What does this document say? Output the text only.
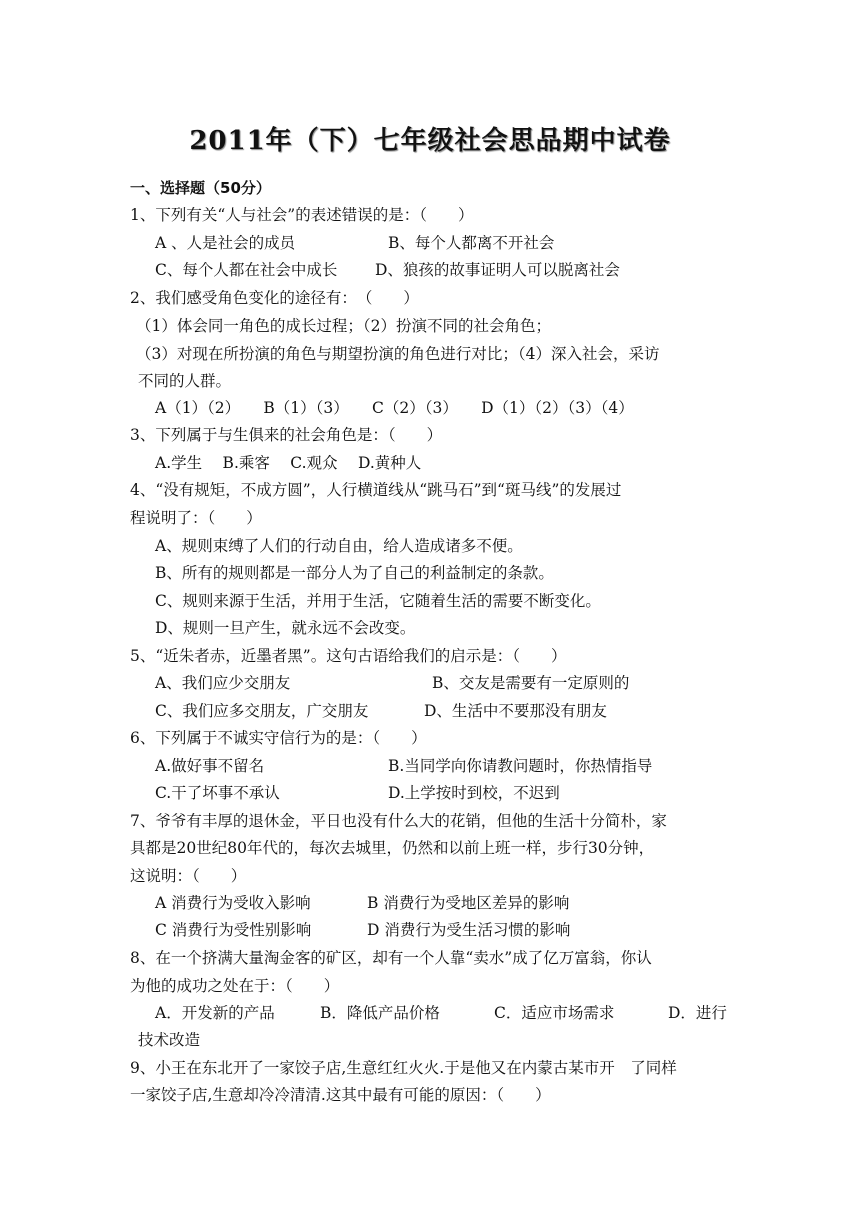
2011年（下）七年级社会思品期中试卷
一、选择题（50分）
1、下列有关“人与社会”的表述错误的是：（　　）
A 、人是社会的成员	B、每个人都离不开社会
C、每个人都在社会中成长 D、狼孩的故事证明人可以脱离社会
2、我们感受角色变化的途径有：　（　　）
（1）体会同一角色的成长过程；（2）扮演不同的社会角色；
（3）对现在所扮演的角色与期望扮演的角色进行对比；（4）深入社会，采访
不同的人群。
A（1）（2）　　B（1）（3）　　C（2）（3）　　D（1）（2）（3）（4）
3、下列属于与生俱来的社会角色是：（　　）
A.学生　 B.乘客　 C.观众　 D.黄种人
4、“没有规矩，不成方圆”，人行横道线从“跳马石”到“斑马线”的发展过
程说明了：（　　）
A、规则束缚了人们的行动自由，给人造成诸多不便。
B、所有的规则都是一部分人为了自己的利益制定的条款。
C、规则来源于生活，并用于生活，它随着生活的需要不断变化。
D、规则一旦产生，就永远不会改变。
5、“近朱者赤，近墨者黑”。这句古语给我们的启示是：（　　）
A、我们应少交朋友	B、交友是需要有一定原则的
C、我们应多交朋友，广交朋友	D、生活中不要那没有朋友
6、下列属于不诚实守信行为的是：（　　）
A.做好事不留名	B.当同学向你请教问题时，你热情指导
C.干了坏事不承认	D.上学按时到校，不迟到
7、爷爷有丰厚的退休金，平日也没有什么大的花销，但他的生活十分简朴，家
具都是20世纪80年代的，每次去城里，仍然和以前上班一样，步行30分钟，
这说明：（　　）
A 消费行为受收入影响	B 消费行为受地区差异的影响
C 消费行为受性别影响	D 消费行为受生活习惯的影响
8、在一个挤满大量淘金客的矿区，却有一个人靠“卖水”成了亿万富翁，你认
为他的成功之处在于：（　　）
A．开发新的产品	B．降低产品价格	C．适应市场需求	D．进行
技术改造
9、小王在东北开了一家饺子店,生意红红火火.于是他又在内蒙古某市开　了同样
一家饺子店,生意却冷冷清清.这其中最有可能的原因：（　　）
